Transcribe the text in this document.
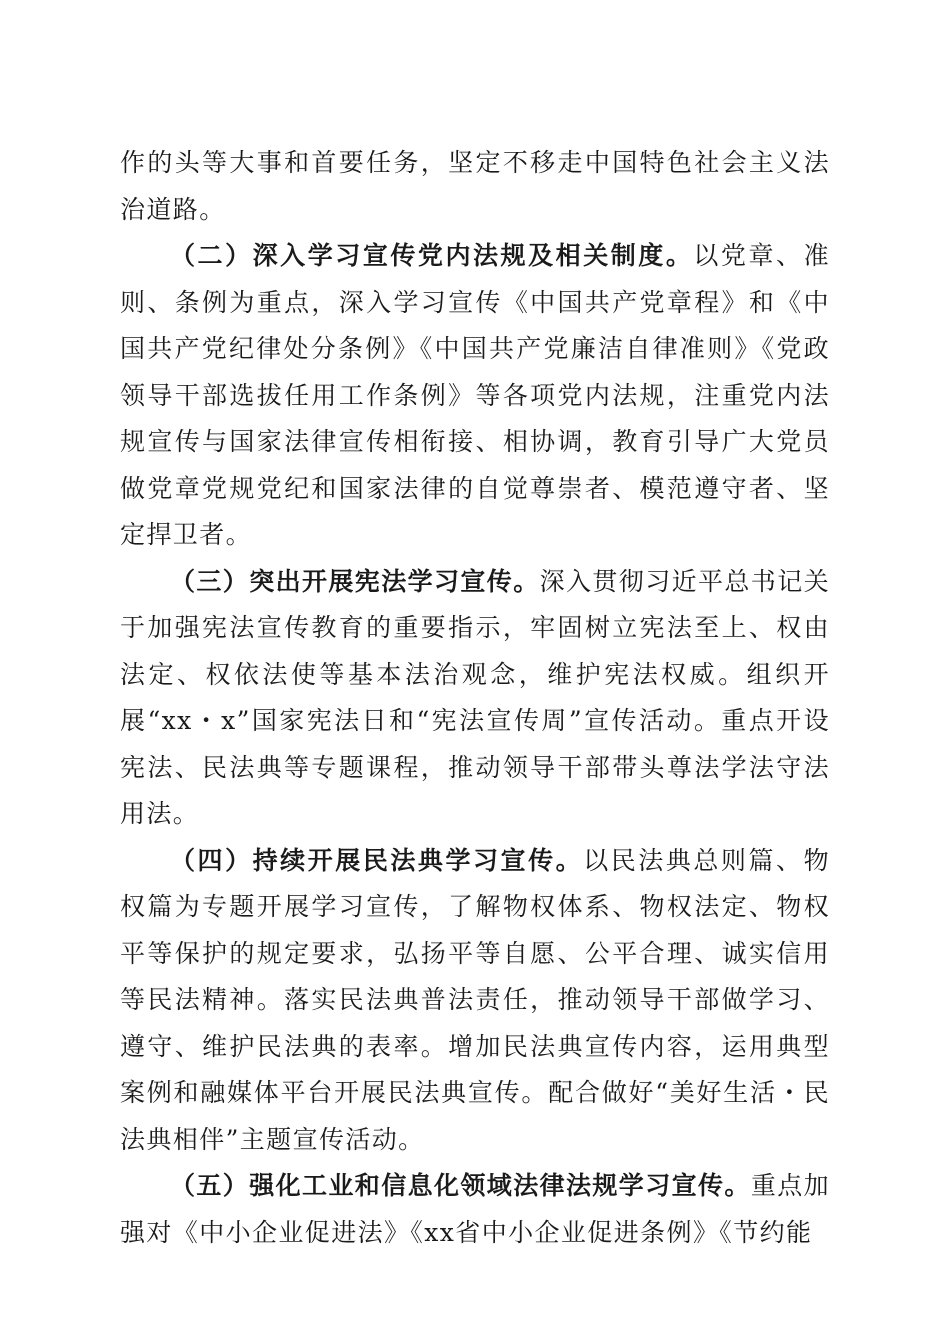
作的头等大事和首要任务，坚定不移走中国特色社会主义法治道路。

（二）深入学习宣传党内法规及相关制度。以党章、准则、条例为重点，深入学习宣传《中国共产党章程》和《中国共产党纪律处分条例》《中国共产党廉洁自律准则》《党政领导干部选拔任用工作条例》等各项党内法规，注重党内法规宣传与国家法律宣传相衔接、相协调，教育引导广大党员做党章党规党纪和国家法律的自觉尊崇者、模范遵守者、坚定捍卫者。

（三）突出开展宪法学习宣传。深入贯彻习近平总书记关于加强宪法宣传教育的重要指示，牢固树立宪法至上、权由法定、权依法使等基本法治观念，维护宪法权威。组织开展“xx・x”国家宪法日和“宪法宣传周”宣传活动。重点开设宪法、民法典等专题课程，推动领导干部带头尊法学法守法用法。

（四）持续开展民法典学习宣传。以民法典总则篇、物权篇为专题开展学习宣传，了解物权体系、物权法定、物权平等保护的规定要求，弘扬平等自愿、公平合理、诚实信用等民法精神。落实民法典普法责任，推动领导干部做学习、遵守、维护民法典的表率。增加民法典宣传内容，运用典型案例和融媒体平台开展民法典宣传。配合做好“美好生活・民法典相伴”主题宣传活动。

（五）强化工业和信息化领域法律法规学习宣传。重点加强对《中小企业促进法》《xx省中小企业促进条例》《节约能
